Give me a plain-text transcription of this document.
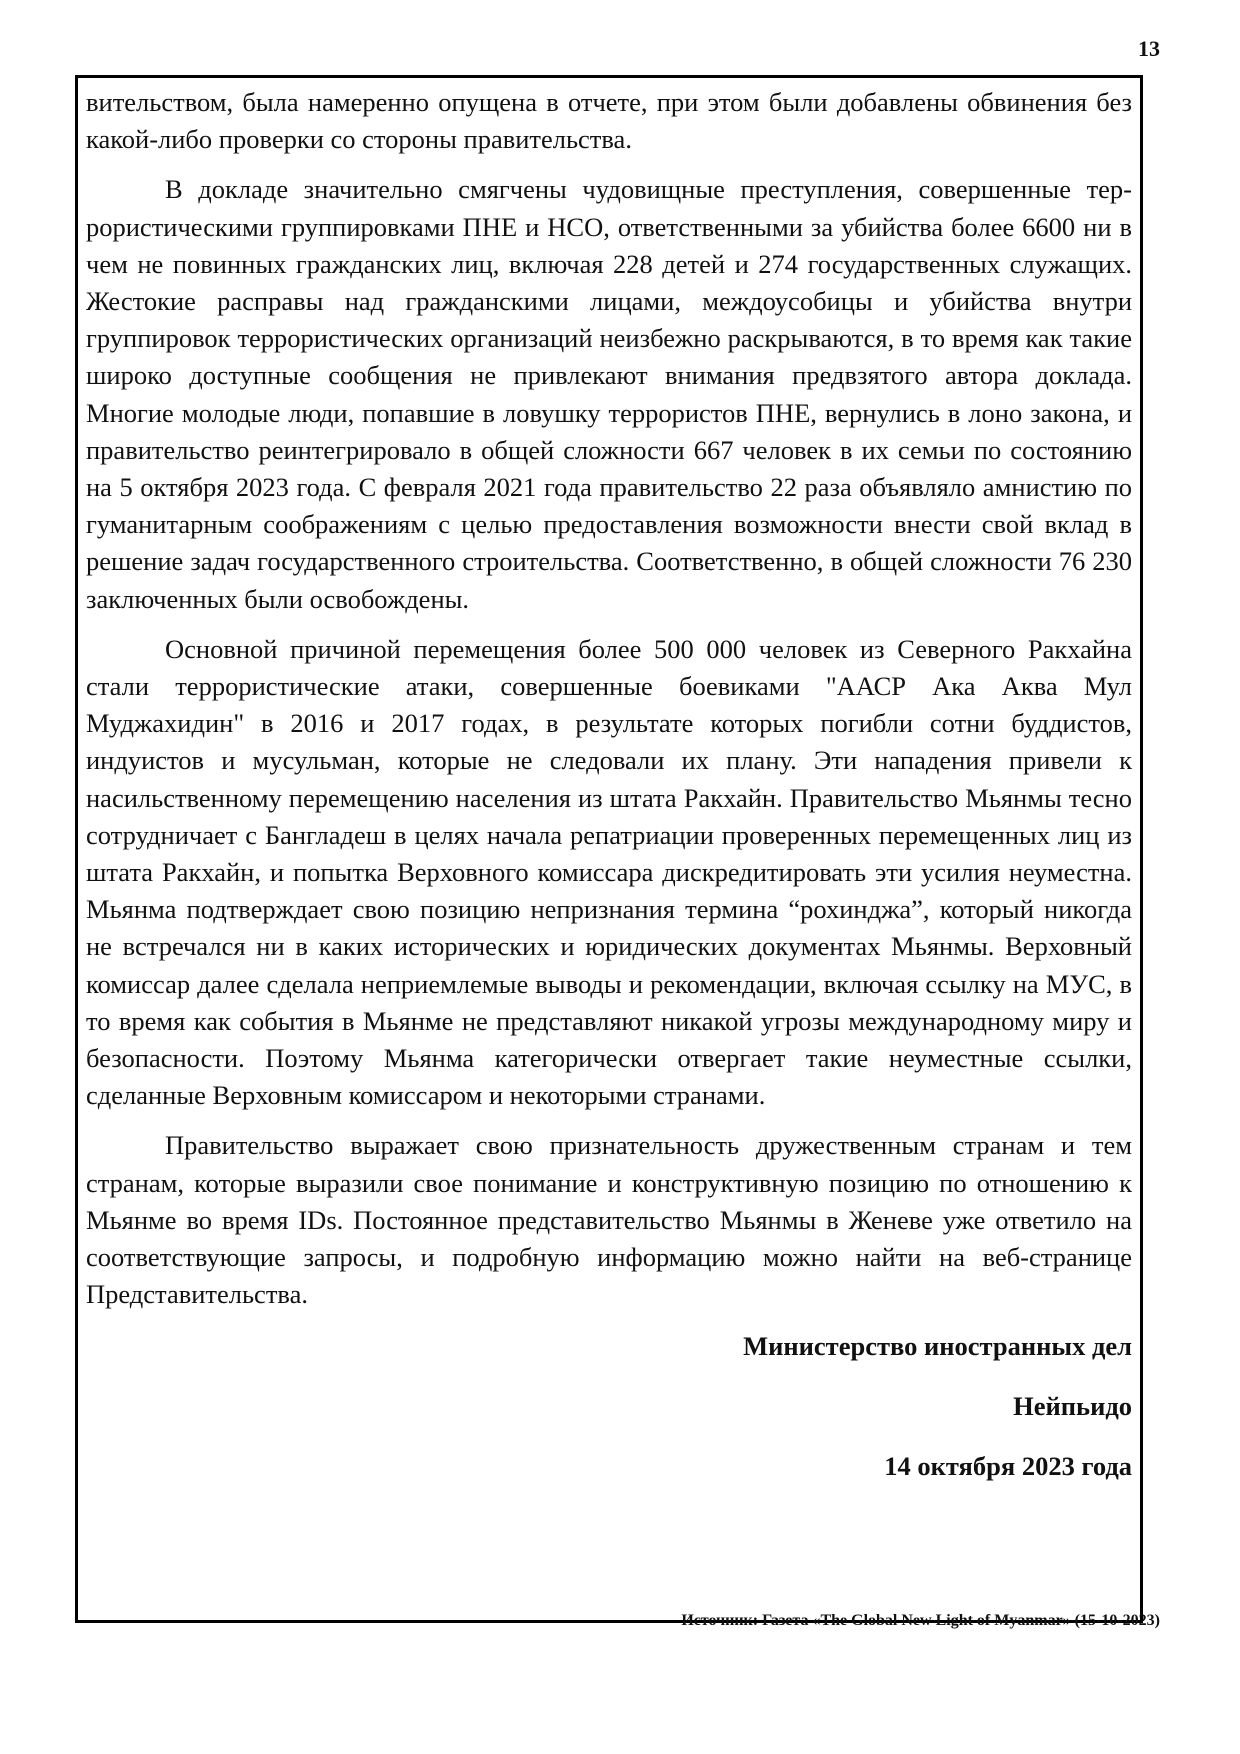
13

вительством, была намеренно опущена в отчете, при этом были добавлены обвинения без какой-либо проверки со стороны правительства.

В докладе значительно смягчены чудовищные преступления, совершенные террористическими группировками ПНЕ и НСО, ответственными за убийства более 6600 ни в чем не повинных гражданских лиц, включая 228 детей и 274 государственных служащих. Жестокие расправы над гражданскими лицами, междоусобицы и убийства внутри группировок террористических организаций неизбежно раскрываются, в то время как такие широко доступные сообщения не привлекают внимания предвзятого автора доклада. Многие молодые люди, попавшие в ловушку террористов ПНЕ, вернулись в лоно закона, и правительство реинтегрировало в общей сложности 667 человек в их семьи по состоянию на 5 октября 2023 года. С февраля 2021 года правительство 22 раза объявляло амнистию по гуманитарным соображениям с целью предоставления возможности внести свой вклад в решение задач государственного строительства. Соответственно, в общей сложности 76 230 заключенных были освобождены.

Основной причиной перемещения более 500 000 человек из Северного Ракхайна стали террористические атаки, совершенные боевиками "ААСР Ака Аква Мул Муджахидин" в 2016 и 2017 годах, в результате которых погибли сотни буддистов, индуистов и мусульман, которые не следовали их плану. Эти нападения привели к насильственному перемещению населения из штата Ракхайн. Правительство Мьянмы тесно сотрудничает с Бангладеш в целях начала репатриации проверенных перемещенных лиц из штата Ракхайн, и попытка Верховного комиссара дискредитировать эти усилия неуместна. Мьянма подтверждает свою позицию непризнания термина “рохинджа”, который никогда не встречался ни в каких исторических и юридических документах Мьянмы. Верховный комиссар далее сделала неприемлемые выводы и рекомендации, включая ссылку на МУС, в то время как события в Мьянме не представляют никакой угрозы международному миру и безопасности. Поэтому Мьянма категорически отвергает такие неуместные ссылки, сделанные Верховным комиссаром и некоторыми странами.

Правительство выражает свою признательность дружественным странам и тем странам, которые выразили свое понимание и конструктивную позицию по отношению к Мьянме во время IDs. Постоянное представительство Мьянмы в Женеве уже ответило на соответствующие запросы, и подробную информацию можно найти на веб-странице Представительства.

Министерство иностранных дел
Нейпьидо
14 октября 2023 года
Источник: Газета «The Global New Light of Myanmar» (15-10-2023)
